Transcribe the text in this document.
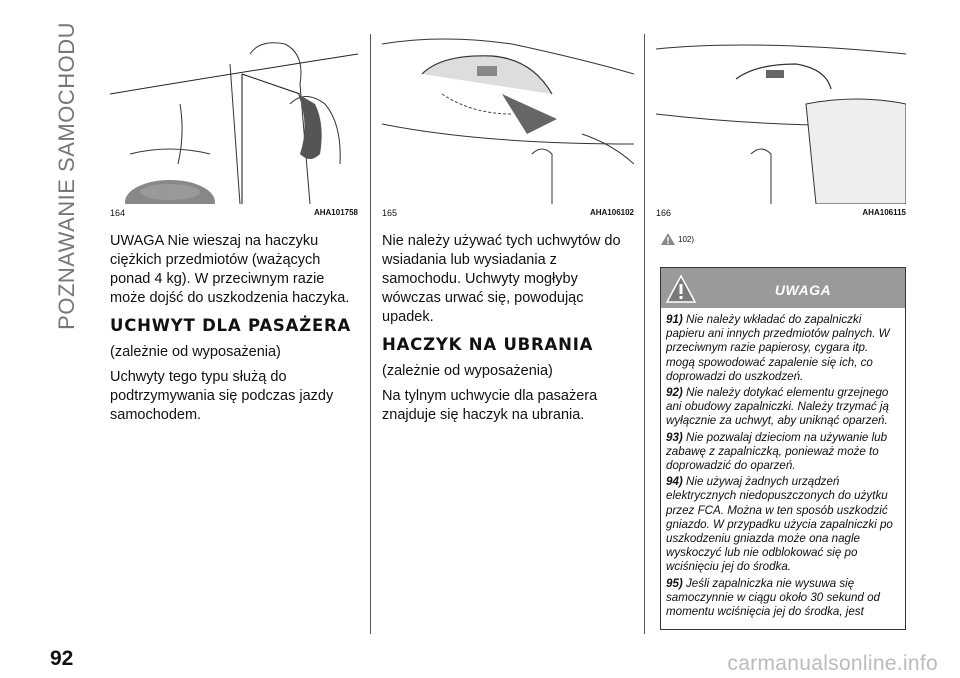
POZNAWANIE SAMOCHODU	164	AHA101758	165	AHA106102 166	AHA106115

UWAGA Nie wieszaj na haczyku ciężkich przedmiotów (ważących ponad 4 kg). W przeciwnym razie może dojść do uszkodzenia haczyka.

UCHWYT DLA PASAŻERA

(zależnie od wyposażenia)

Uchwyty tego typu służą do podtrzymywania się podczas jazdy samochodem.

Nie należy używać tych uchwytów do wsiadania lub wysiadania z samochodu. Uchwyty mogłyby wówczas urwać się, powodując upadek.

HACZYK NA UBRANIA

(zależnie od wyposażenia)

Na tylnym uchwycie dla pasażera znajduje się haczyk na ubrania.

102)
UWAGA

91) Nie należy wkładać do zapalniczki papieru ani innych przedmiotów palnych. W przeciwnym razie papierosy, cygara itp. mogą spowodować zapalenie się ich, co doprowadzi do uszkodzeń.

92) Nie należy dotykać elementu grzejnego ani obudowy zapalniczki. Należy trzymać ją wyłącznie za uchwyt, aby uniknąć oparzeń.

93) Nie pozwalaj dzieciom na używanie lub zabawę z zapalniczką, ponieważ może to doprowadzić do oparzeń.

94) Nie używaj żadnych urządzeń elektrycznych niedopuszczonych do użytku przez FCA. Można w ten sposób uszkodzić gniazdo. W przypadku użycia zapalniczki po uszkodzeniu gniazda może ona nagle wyskoczyć lub nie odblokować się po wciśnięciu jej do środka.

95) Jeśli zapalniczka nie wysuwa się samoczynnie w ciągu około 30 sekund od momentu wciśnięcia jej do środka, jest

92	carmanualsonline.info
